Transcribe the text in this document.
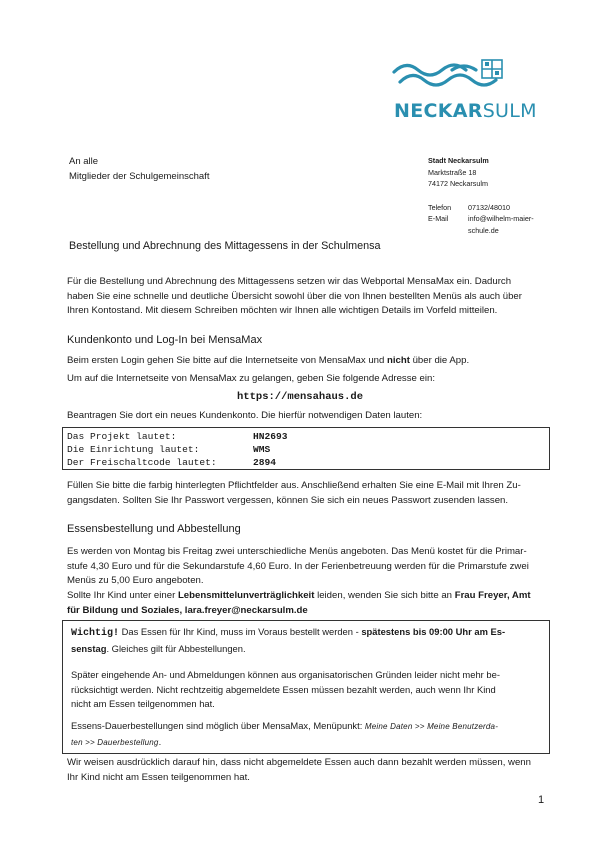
NECKARSULM
An alle
Mitglieder der Schulgemeinschaft
Stadt Neckarsulm
Marktstraße 18
74172 Neckarsulm
Telefon	07132/48010
E-Mail	info@wilhelm-maier-
schule.de
Bestellung und Abrechnung des Mittagessens in der Schulmensa
Für die Bestellung und Abrechnung des Mittagessens setzen wir das Webportal MensaMax ein. Dadurch
haben Sie eine schnelle und deutliche Übersicht sowohl über die von Ihnen bestellten Menüs als auch über
Ihren Kontostand. Mit diesem Schreiben möchten wir Ihnen alle wichtigen Details im Vorfeld mitteilen.
Kundenkonto und Log-In bei MensaMax
Beim ersten Login gehen Sie bitte auf die Internetseite von MensaMax und nicht über die App.
Um auf die Internetseite von MensaMax zu gelangen, geben Sie folgende Adresse ein:
https://mensahaus.de
Beantragen Sie dort ein neues Kundenkonto. Die hierfür notwendigen Daten lauten:
Das Projekt lautet:	HN2693
Die Einrichtung lautet:	WMS
Der Freischaltcode lautet:	2894
Füllen Sie bitte die farbig hinterlegten Pflichtfelder aus. Anschließend erhalten Sie eine E-Mail mit Ihren Zu-
gangsdaten. Sollten Sie Ihr Passwort vergessen, können Sie sich ein neues Passwort zusenden lassen.
Essensbestellung und Abbestellung
Es werden von Montag bis Freitag zwei unterschiedliche Menüs angeboten. Das Menü kostet für die Primar-
stufe 4,30 Euro und für die Sekundarstufe 4,60 Euro. In der Ferienbetreuung werden für die Primarstufe zwei
Menüs zu 5,00 Euro angeboten.
Sollte Ihr Kind unter einer Lebensmittelunverträglichkeit leiden, wenden Sie sich bitte an Frau Freyer, Amt
für Bildung und Soziales, lara.freyer@neckarsulm.de
Wichtig! Das Essen für Ihr Kind, muss im Voraus bestellt werden - spätestens bis 09:00 Uhr am Es-
senstag. Gleiches gilt für Abbestellungen.
Später eingehende An- und Abmeldungen können aus organisatorischen Gründen leider nicht mehr be-
rücksichtigt werden. Nicht rechtzeitig abgemeldete Essen müssen bezahlt werden, auch wenn Ihr Kind
nicht am Essen teilgenommen hat.
Essens-Dauerbestellungen sind möglich über MensaMax, Menüpunkt: Meine Daten >> Meine Benutzerda-
ten >> Dauerbestellung.
Wir weisen ausdrücklich darauf hin, dass nicht abgemeldete Essen auch dann bezahlt werden müssen, wenn
Ihr Kind nicht am Essen teilgenommen hat.
1
